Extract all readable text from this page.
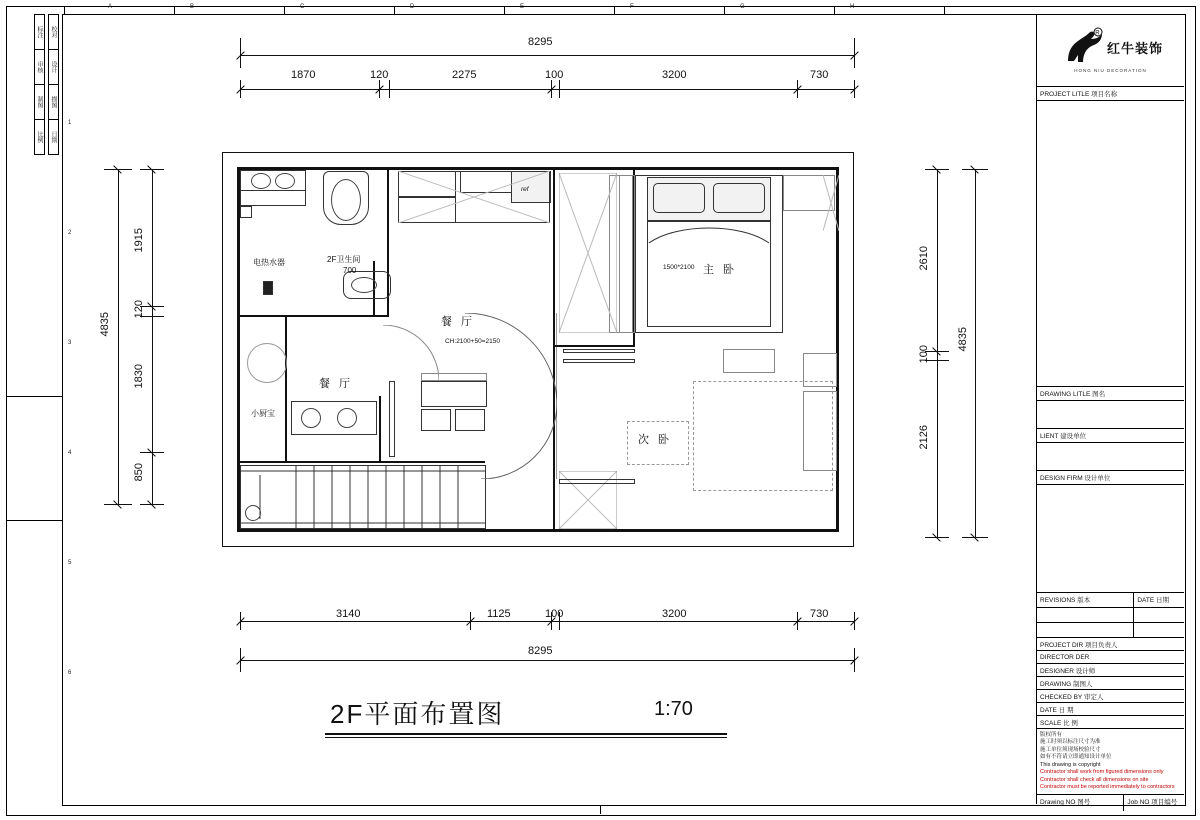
A	B	C	D	E	F	G	H
1
2
3
4
5
6
标注
审核
制图
比例
校对
设计
描图
日期
R
红牛装饰
HONG NIU DECORATION
PROJECT LITLE 项目名称
DRAWING LITLE 图名
LIENT 建设单位
DESIGN FIRM 设计单位
REVISIONS 版本	DATE 日期
PROJECT DIR 项目负责人
DIRECTOR DER
DESIGNER 设计师
DRAWING 制图人
CHECKED BY 审定人
DATE 日 期
SCALE 比 例
版权所有
施工时须以标注尺寸为准
施工单位须现场校验尺寸
如有不符请立即通知设计单位
This drawing is copyright
Contractor shall work from figured dimensions only
Contractor shall check all dimensions on site
Contractor must be reported immediately to contractors
Drawing NO 图号	Job NO 项目编号
8295
1870	120	2275	100	3200	730
4835
1915
120
1830
850
2610
100
2126
4835
3140	1125	100	3200	730
8295
主 卧
次 卧
餐 厅
餐 厅
电热水器	2F卫生间
700
小厨宝
ref
1500*2100
CH:2100+50=2150
2F平面布置图	1:70
